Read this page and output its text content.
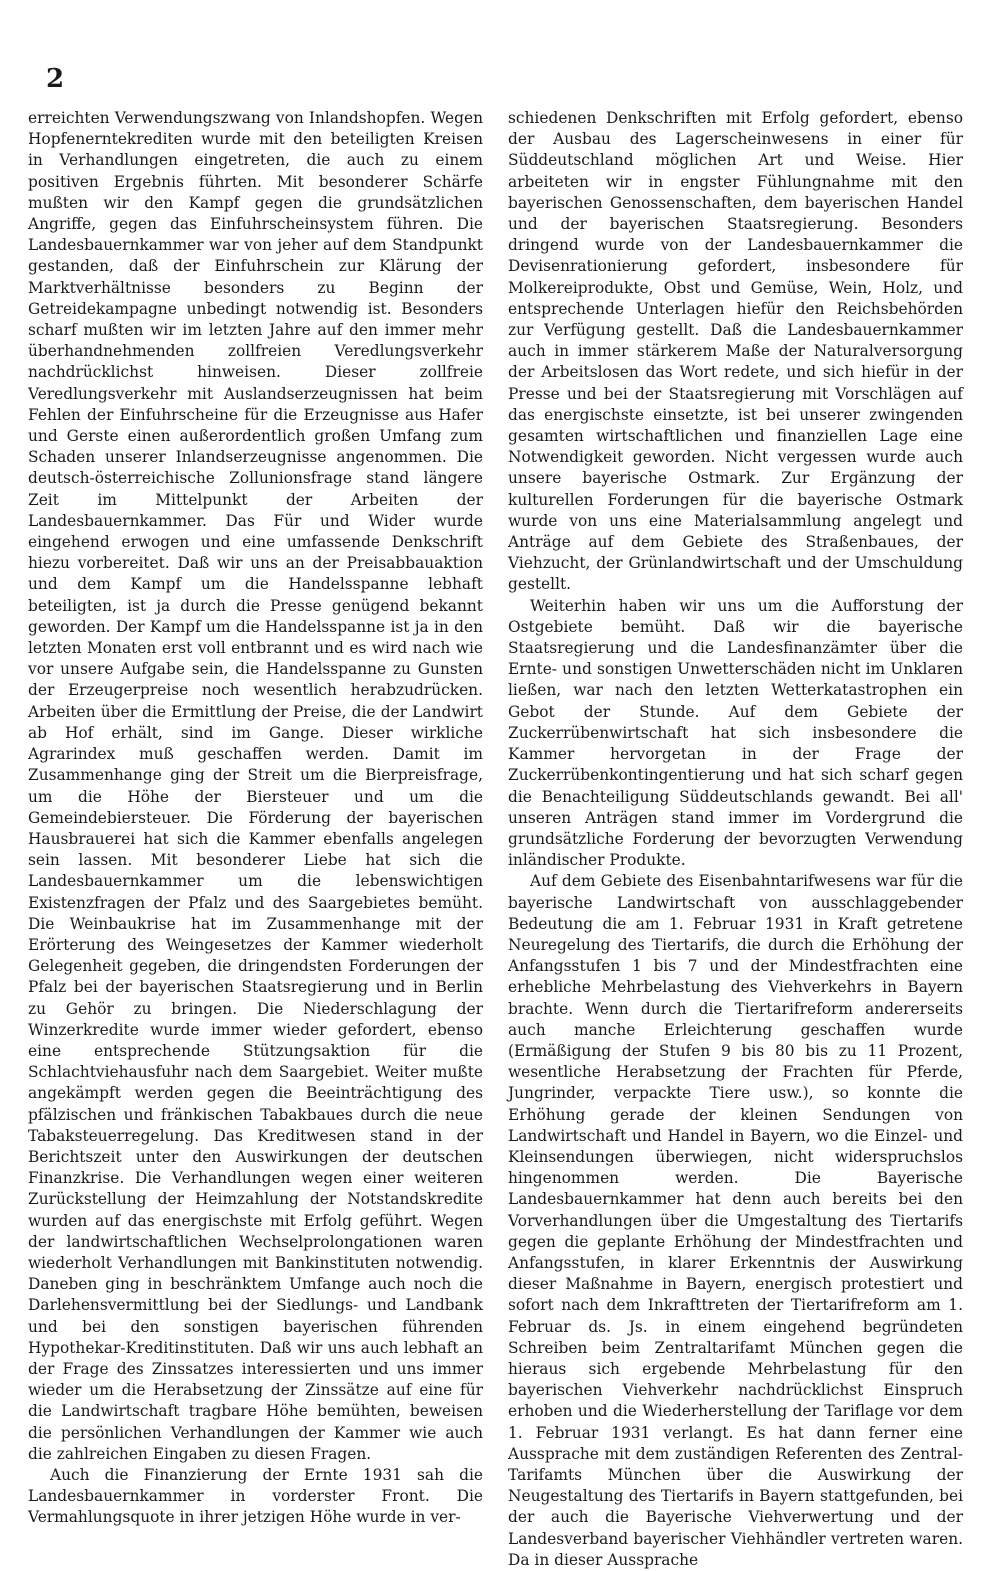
2

erreichten Verwendungszwang von Inlandshopfen. Wegen Hopfenerntekrediten wurde mit den beteiligten Kreisen in Verhandlungen eingetreten, die auch zu einem positiven Ergebnis führten. Mit besonderer Schärfe mußten wir den Kampf gegen die grundsätzlichen Angriffe, gegen das Einfuhrscheinsystem führen. Die Landesbauernkammer war von jeher auf dem Standpunkt gestanden, daß der Einfuhrschein zur Klärung der Marktverhältnisse besonders zu Beginn der Getreidekampagne unbedingt notwendig ist. Besonders scharf mußten wir im letzten Jahre auf den immer mehr überhandnehmenden zollfreien Veredlungsverkehr nachdrücklichst hinweisen. Dieser zollfreie Veredlungsverkehr mit Auslandserzeugnissen hat beim Fehlen der Einfuhrscheine für die Erzeugnisse aus Hafer und Gerste einen außerordentlich großen Umfang zum Schaden unserer Inlandserzeugnisse angenommen. Die deutsch-österreichische Zollunionsfrage stand längere Zeit im Mittelpunkt der Arbeiten der Landesbauernkammer. Das Für und Wider wurde eingehend erwogen und eine umfassende Denkschrift hiezu vorbereitet. Daß wir uns an der Preisabbauaktion und dem Kampf um die Handelsspanne lebhaft beteiligten, ist ja durch die Presse genügend bekannt geworden. Der Kampf um die Handelsspanne ist ja in den letzten Monaten erst voll entbrannt und es wird nach wie vor unsere Aufgabe sein, die Handelsspanne zu Gunsten der Erzeugerpreise noch wesentlich herabzudrücken. Arbeiten über die Ermittlung der Preise, die der Landwirt ab Hof erhält, sind im Gange. Dieser wirkliche Agrarindex muß geschaffen werden. Damit im Zusammenhange ging der Streit um die Bierpreisfrage, um die Höhe der Biersteuer und um die Gemeindebiersteuer. Die Förderung der bayerischen Hausbrauerei hat sich die Kammer ebenfalls angelegen sein lassen. Mit besonderer Liebe hat sich die Landesbauernkammer um die lebenswichtigen Existenzfragen der Pfalz und des Saargebietes bemüht. Die Weinbaukrise hat im Zusammenhange mit der Erörterung des Weingesetzes der Kammer wiederholt Gelegenheit gegeben, die dringendsten Forderungen der Pfalz bei der bayerischen Staatsregierung und in Berlin zu Gehör zu bringen. Die Niederschlagung der Winzerkredite wurde immer wieder gefordert, ebenso eine entsprechende Stützungsaktion für die Schlachtviehausfuhr nach dem Saargebiet. Weiter mußte angekämpft werden gegen die Beeinträchtigung des pfälzischen und fränkischen Tabakbaues durch die neue Tabaksteuerregelung. Das Kreditwesen stand in der Berichtszeit unter den Auswirkungen der deutschen Finanzkrise. Die Verhandlungen wegen einer weiteren Zurückstellung der Heimzahlung der Notstandskredite wurden auf das energischste mit Erfolg geführt. Wegen der landwirtschaftlichen Wechselprolongationen waren wiederholt Verhandlungen mit Bankinstituten notwendig. Daneben ging in beschränktem Umfange auch noch die Darlehensvermittlung bei der Siedlungs- und Landbank und bei den sonstigen bayerischen führenden Hypothekar-Kreditinstituten. Daß wir uns auch lebhaft an der Frage des Zinssatzes interessierten und uns immer wieder um die Herabsetzung der Zinssätze auf eine für die Landwirtschaft tragbare Höhe bemühten, beweisen die persönlichen Verhandlungen der Kammer wie auch die zahlreichen Eingaben zu diesen Fragen.

Auch die Finanzierung der Ernte 1931 sah die Landesbauernkammer in vorderster Front. Die Vermahlungsquote in ihrer jetzigen Höhe wurde in ver-

schiedenen Denkschriften mit Erfolg gefordert, ebenso der Ausbau des Lagerscheinwesens in einer für Süddeutschland möglichen Art und Weise. Hier arbeiteten wir in engster Fühlungnahme mit den bayerischen Genossenschaften, dem bayerischen Handel und der bayerischen Staatsregierung. Besonders dringend wurde von der Landesbauernkammer die Devisenrationierung gefordert, insbesondere für Molkereiprodukte, Obst und Gemüse, Wein, Holz, und entsprechende Unterlagen hiefür den Reichsbehörden zur Verfügung gestellt. Daß die Landesbauernkammer auch in immer stärkerem Maße der Naturalversorgung der Arbeitslosen das Wort redete, und sich hiefür in der Presse und bei der Staatsregierung mit Vorschlägen auf das energischste einsetzte, ist bei unserer zwingenden gesamten wirtschaftlichen und finanziellen Lage eine Notwendigkeit geworden. Nicht vergessen wurde auch unsere bayerische Ostmark. Zur Ergänzung der kulturellen Forderungen für die bayerische Ostmark wurde von uns eine Materialsammlung angelegt und Anträge auf dem Gebiete des Straßenbaues, der Viehzucht, der Grünlandwirtschaft und der Umschuldung gestellt.

Weiterhin haben wir uns um die Aufforstung der Ostgebiete bemüht. Daß wir die bayerische Staatsregierung und die Landesfinanzämter über die Ernte- und sonstigen Unwetterschäden nicht im Unklaren ließen, war nach den letzten Wetterkatastrophen ein Gebot der Stunde. Auf dem Gebiete der Zuckerrübenwirtschaft hat sich insbesondere die Kammer hervorgetan in der Frage der Zuckerrübenkontingentierung und hat sich scharf gegen die Benachteiligung Süddeutschlands gewandt. Bei all' unseren Anträgen stand immer im Vordergrund die grundsätzliche Forderung der bevorzugten Verwendung inländischer Produkte.

Auf dem Gebiete des Eisenbahntarifwesens war für die bayerische Landwirtschaft von ausschlaggebender Bedeutung die am 1. Februar 1931 in Kraft getretene Neuregelung des Tiertarifs, die durch die Erhöhung der Anfangsstufen 1 bis 7 und der Mindestfrachten eine erhebliche Mehrbelastung des Viehverkehrs in Bayern brachte. Wenn durch die Tiertarifreform andererseits auch manche Erleichterung geschaffen wurde (Ermäßigung der Stufen 9 bis 80 bis zu 11 Prozent, wesentliche Herabsetzung der Frachten für Pferde, Jungrinder, verpackte Tiere usw.), so konnte die Erhöhung gerade der kleinen Sendungen von Landwirtschaft und Handel in Bayern, wo die Einzel- und Kleinsendungen überwiegen, nicht widerspruchslos hingenommen werden. Die Bayerische Landesbauernkammer hat denn auch bereits bei den Vorverhandlungen über die Umgestaltung des Tiertarifs gegen die geplante Erhöhung der Mindestfrachten und Anfangsstufen, in klarer Erkenntnis der Auswirkung dieser Maßnahme in Bayern, energisch protestiert und sofort nach dem Inkrafttreten der Tiertarifreform am 1. Februar ds. Js. in einem eingehend begründeten Schreiben beim Zentraltarifamt München gegen die hieraus sich ergebende Mehrbelastung für den bayerischen Viehverkehr nachdrücklichst Einspruch erhoben und die Wiederherstellung der Tariflage vor dem 1. Februar 1931 verlangt. Es hat dann ferner eine Aussprache mit dem zuständigen Referenten des Zentral-Tarifamts München über die Auswirkung der Neugestaltung des Tiertarifs in Bayern stattgefunden, bei der auch die Bayerische Viehverwertung und der Landesverband bayerischer Viehhändler vertreten waren. Da in dieser Aussprache
